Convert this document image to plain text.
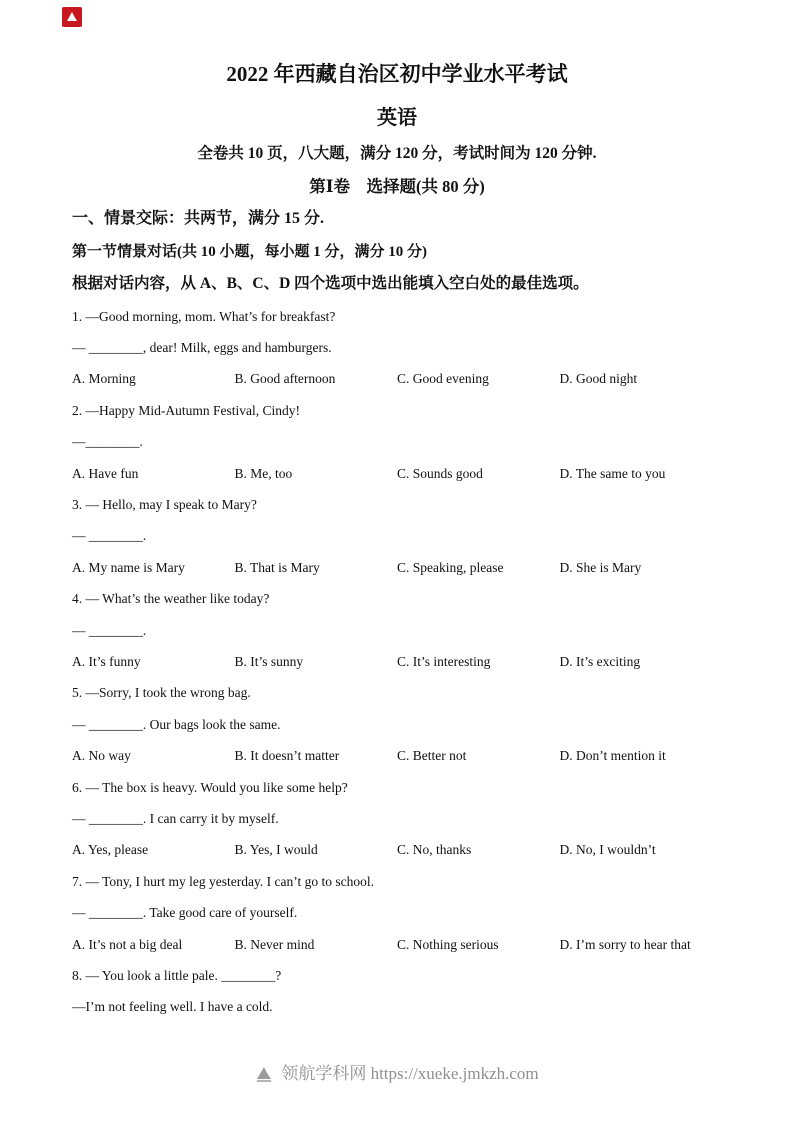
2022 年西藏自治区初中学业水平考试
英语

全卷共 10 页，八大题，满分 120 分，考试时间为 120 分钟.

第Ⅰ卷　选择题(共 80 分)

一、情景交际：共两节，满分 15 分.

第一节情景对话(共 10 小题，每小题 1 分，满分 10 分)

根据对话内容，从 A、B、C、D 四个选项中选出能填入空白处的最佳选项。

1. —Good morning, mom. What’s for breakfast?

— ________, dear! Milk, eggs and hamburgers.

A. Morning	B. Good afternoon	C. Good evening	D. Good night

2. —Happy Mid-Autumn Festival, Cindy!

—________.

A. Have fun	B. Me, too	C. Sounds good	D. The same to you

3. — Hello, may I speak to Mary?

— ________.

A. My name is Mary	B. That is Mary	C. Speaking, please	D. She is Mary

4. — What’s the weather like today?

— ________.

A. It’s funny	B. It’s sunny	C. It’s interesting	D. It’s exciting

5. —Sorry, I took the wrong bag.

— ________. Our bags look the same.

A. No way	B. It doesn’t matter	C. Better not	D. Don’t mention it

6. — The box is heavy. Would you like some help?

— ________. I can carry it by myself.

A. Yes, please	B. Yes, I would	C. No, thanks	D. No, I wouldn’t

7. — Tony, I hurt my leg yesterday. I can’t go to school.

— ________. Take good care of yourself.

A. It’s not a big deal	B. Never mind	C. Nothing serious	D. I’m sorry to hear that

8. — You look a little pale. ________?

—I’m not feeling well. I have a cold.

领航学科网 https://xueke.jmkzh.com
